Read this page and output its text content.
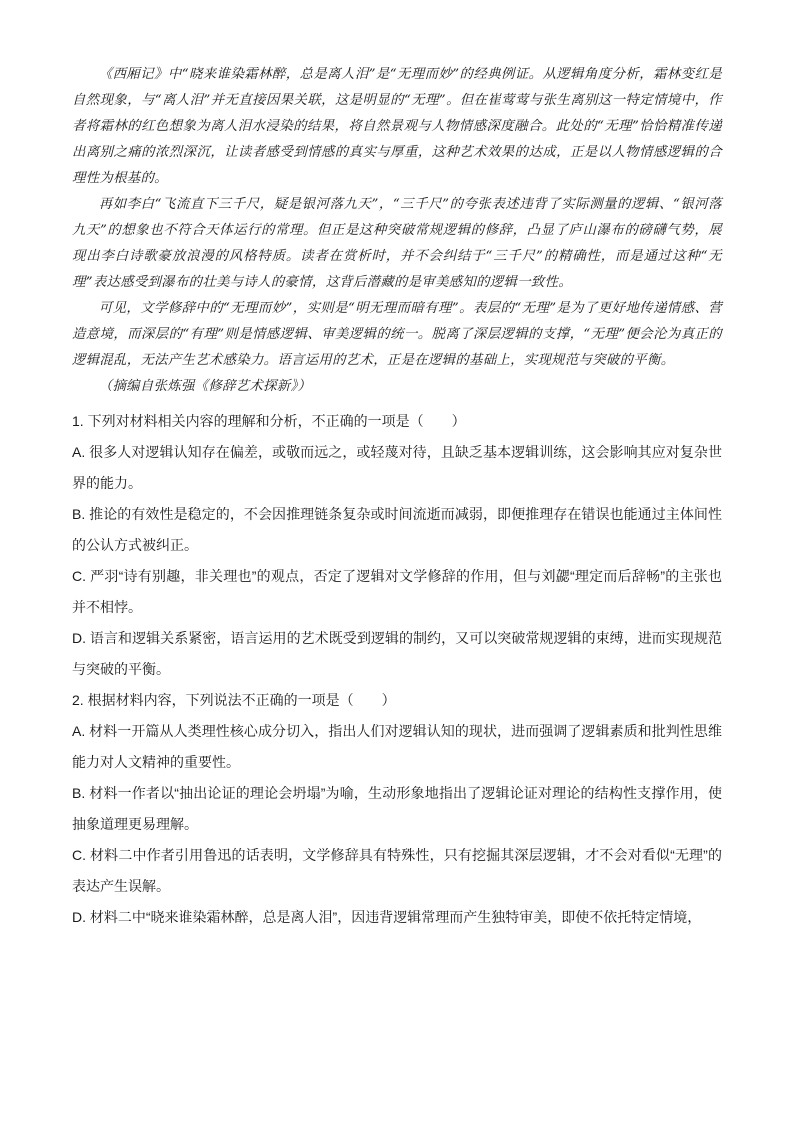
《西厢记》中“晓来谁染霜林醉，总是离人泪”是“无理而妙”的经典例证。从逻辑角度分析，霜林变红是自然现象，与“离人泪”并无直接因果关联，这是明显的“无理”。但在崔莺莺与张生离别这一特定情境中，作者将霜林的红色想象为离人泪水浸染的结果，将自然景观与人物情感深度融合。此处的“无理”恰恰精准传递出离别之痛的浓烈深沉，让读者感受到情感的真实与厚重，这种艺术效果的达成，正是以人物情感逻辑的合理性为根基的。

再如李白“飞流直下三千尺，疑是银河落九天”，“三千尺”的夸张表述违背了实际测量的逻辑、“银河落九天”的想象也不符合天体运行的常理。但正是这种突破常规逻辑的修辞，凸显了庐山瀑布的磅礴气势，展现出李白诗歌豪放浪漫的风格特质。读者在赏析时，并不会纠结于“三千尺”的精确性，而是通过这种“无理”表达感受到瀑布的壮美与诗人的豪情，这背后潜藏的是审美感知的逻辑一致性。

可见，文学修辞中的“无理而妙”，实则是“明无理而暗有理”。表层的“无理”是为了更好地传递情感、营造意境，而深层的“有理”则是情感逻辑、审美逻辑的统一。脱离了深层逻辑的支撑，“无理”便会沦为真正的逻辑混乱，无法产生艺术感染力。语言运用的艺术，正是在逻辑的基础上，实现规范与突破的平衡。

（摘编自张炼强《修辞艺术探新》）

1. 下列对材料相关内容的理解和分析，不正确的一项是（　　）

A. 很多人对逻辑认知存在偏差，或敬而远之，或轻蔑对待，且缺乏基本逻辑训练，这会影响其应对复杂世界的能力。

B. 推论的有效性是稳定的，不会因推理链条复杂或时间流逝而减弱，即便推理存在错误也能通过主体间性的公认方式被纠正。

C. 严羽“诗有别趣，非关理也”的观点，否定了逻辑对文学修辞的作用，但与刘勰“理定而后辞畅”的主张也并不相悖。

D. 语言和逻辑关系紧密，语言运用的艺术既受到逻辑的制约，又可以突破常规逻辑的束缚，进而实现规范与突破的平衡。

2. 根据材料内容，下列说法不正确的一项是（　　）

A. 材料一开篇从人类理性核心成分切入，指出人们对逻辑认知的现状，进而强调了逻辑素质和批判性思维能力对人文精神的重要性。

B. 材料一作者以“抽出论证的理论会坍塌”为喻，生动形象地指出了逻辑论证对理论的结构性支撑作用，使抽象道理更易理解。

C. 材料二中作者引用鲁迅的话表明，文学修辞具有特殊性，只有挖掘其深层逻辑，才不会对看似“无理”的表达产生误解。

D. 材料二中“晓来谁染霜林醉，总是离人泪”，因违背逻辑常理而产生独特审美，即使不依托特定情境，
